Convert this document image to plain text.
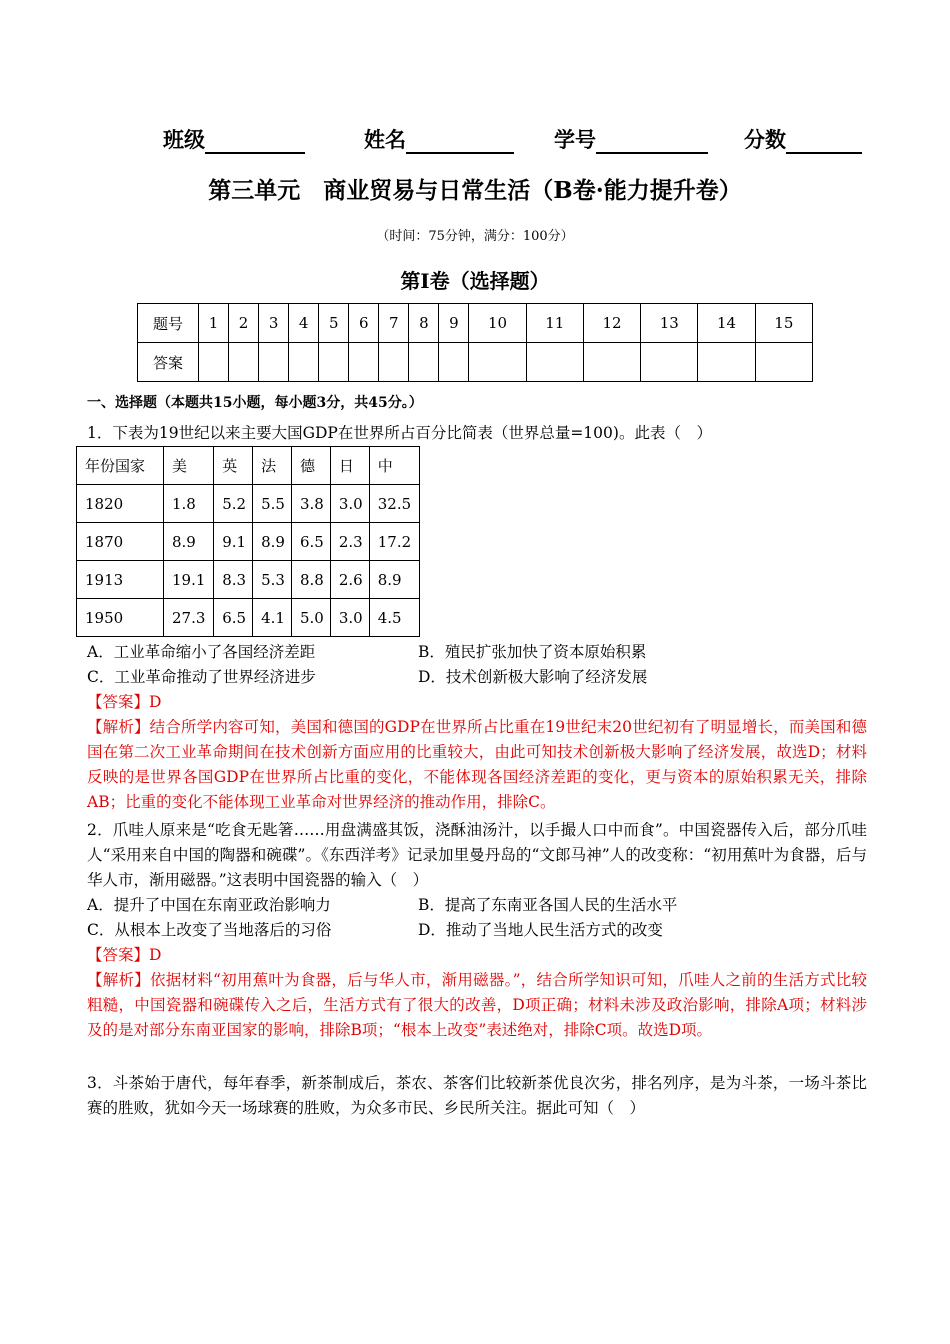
班级	姓名	学号	分数
第三单元　商业贸易与日常生活（B卷·能力提升卷）
（时间：75分钟，满分：100分）
第Ⅰ卷（选择题）
题号	1	2	3	4	5	6	7	8	9	10	11	12	13	14	15
答案															
一、选择题（本题共15小题，每小题3分，共45分。）
1．下表为19世纪以来主要大国GDP在世界所占百分比简表（世界总量=100)。此表（　）
年份国家	美	英	法	德	日	中
1820	1.8	5.2	5.5	3.8	3.0	32.5
1870	8.9	9.1	8.9	6.5	2.3	17.2
1913	19.1	8.3	5.3	8.8	2.6	8.9
1950	27.3	6.5	4.1	5.0	3.0	4.5
A．工业革命缩小了各国经济差距	B．殖民扩张加快了资本原始积累
C．工业革命推动了世界经济进步	D．技术创新极大影响了经济发展
【答案】D
【解析】结合所学内容可知，美国和德国的GDP在世界所占比重在19世纪末20世纪初有了明显增长，而美国和德国在第二次工业革命期间在技术创新方面应用的比重较大，由此可知技术创新极大影响了经济发展，故选D；材料反映的是世界各国GDP在世界所占比重的变化，不能体现各国经济差距的变化，更与资本的原始积累无关，排除AB；比重的变化不能体现工业革命对世界经济的推动作用，排除C。
2．爪哇人原来是“吃食无匙箸……用盘满盛其饭，浇酥油汤汁，以手撮人口中而食”。中国瓷器传入后，部分爪哇人“采用来自中国的陶器和碗碟”。《东西洋考》记录加里曼丹岛的“文郎马神”人的改变称：“初用蕉叶为食器，后与华人市，渐用磁器。”这表明中国瓷器的输入（　）
A．提升了中国在东南亚政治影响力	B．提高了东南亚各国人民的生活水平
C．从根本上改变了当地落后的习俗	D．推动了当地人民生活方式的改变
【答案】D
【解析】依据材料“初用蕉叶为食器，后与华人市，渐用磁器。”，结合所学知识可知，爪哇人之前的生活方式比较粗糙，中国瓷器和碗碟传入之后，生活方式有了很大的改善，D项正确；材料未涉及政治影响，排除A项；材料涉及的是对部分东南亚国家的影响，排除B项；“根本上改变”表述绝对，排除C项。故选D项。
3．斗茶始于唐代，每年春季，新茶制成后，茶农、茶客们比较新茶优良次劣，排名列序，是为斗茶，一场斗茶比赛的胜败，犹如今天一场球赛的胜败，为众多市民、乡民所关注。据此可知（　）
